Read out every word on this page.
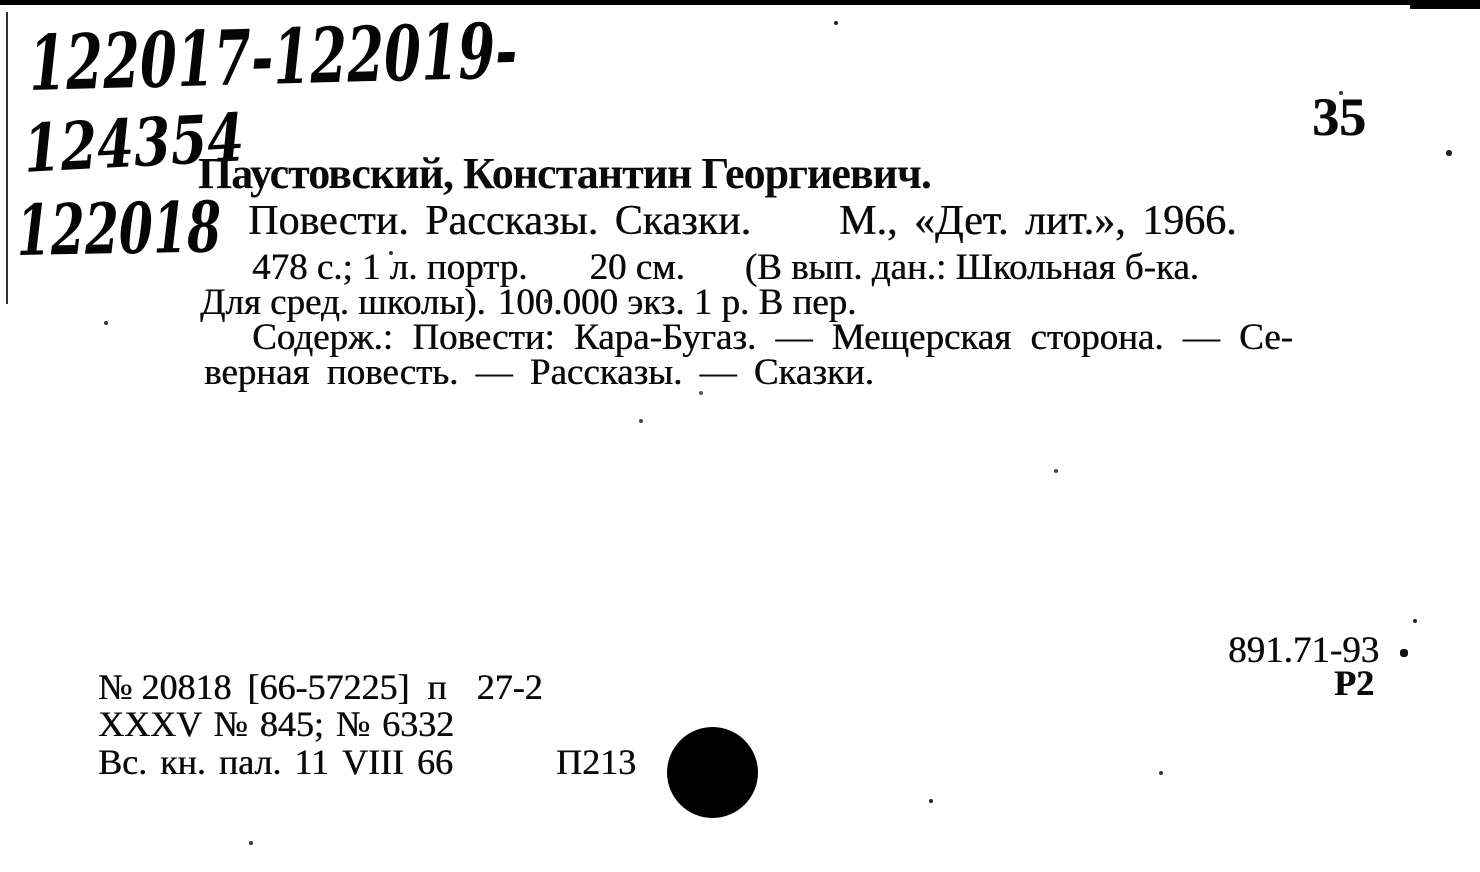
122017-122019-
124354
122018
35
Паустовский, Константин Георгиевич.
Повести. Рассказы. Сказки. М., «Дет. лит.», 1966.
478 с.; 1 л. портр. 20 см. (В вып. дан.: Школьная б-ка.
Для сред. школы). 100.000 экз. 1 р. В пер.
Содерж.: Повести: Кара-Бугаз. — Мещерская сторона. — Се-
верная повесть. — Рассказы. — Сказки.
891.71-93
Р2
№ 20818 [66-57225] п 27-2
XXXV № 845; № 6332
Вс. кн. пал. 11 VIII 66	П213
